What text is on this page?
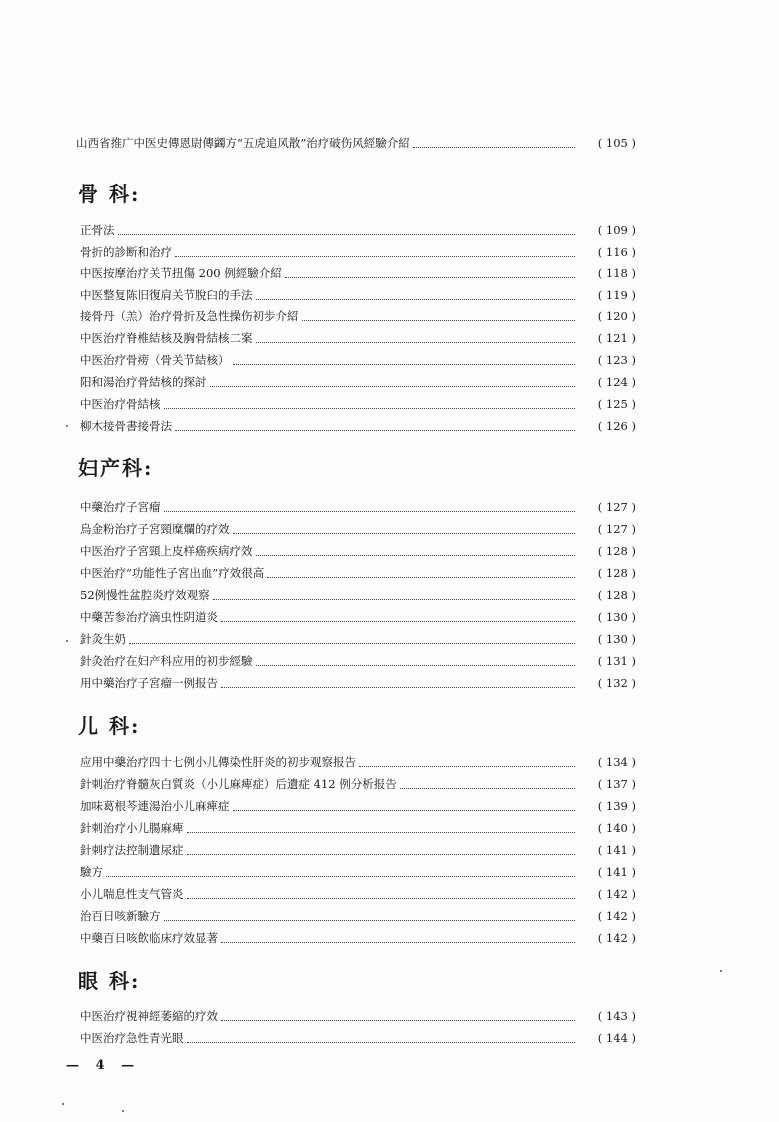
山西省推广中医史傳恩尉傳蠲方“五虎追风散”治疗破伤风經驗介紹	( 105 )
骨 科:
正骨法	( 109 )
骨折的診断和治疗	( 116 )
中医按摩治疗关节扭傷 200 例經驗介紹	( 118 )
中医整复陈旧復肩关节脫臼的手法	( 119 )
接骨丹（羔）治疗骨折及急性操伤初步介紹	( 120 )
中医治疗脊椎結核及胸骨結核二案	( 121 )
中医治疗骨痨（骨关节結核）	( 123 )
阳和湯治疗骨結核的探討	( 124 )
中医治疗骨結核	( 125 )
柳木接骨書接骨法	( 126 )
妇产科:
中藥治疗子宮瘤	( 127 )
烏金粉治疗子宮頸糜爛的疗效	( 127 )
中医治疗子宮頸上皮样癌疾病疗效	( 128 )
中医治疗“功能性子宮出血”疗效很高	( 128 )
52例慢性盆腔炎疗效观察	( 128 )
中藥苦参治疗滴虫性阴道炎	( 130 )
針灸生奶	( 130 )
針灸治疗在妇产科应用的初步經驗	( 131 )
用中藥治疗子宮瘤一例报告	( 132 )
儿 科:
应用中藥治疗四十七例小儿傳染性肝炎的初步观察报告	( 134 )
針刺治疗脊髓灰白質炎（小儿麻痺症）后遺症 412 例分析报告	( 137 )
加味葛根芩連湯治小儿麻痺症	( 139 )
針刺治疗小儿腸麻痺	( 140 )
針刺疗法控制遺尿症	( 141 )
驗方	( 141 )
小儿喘息性支气管炎	( 142 )
治百日咳新驗方	( 142 )
中藥百日咳飲临床疗效显著	( 142 )
眼 科:
中医治疗視神經萎縮的疗效	( 143 )
中医治疗急性青光眼	( 144 )
— 4 —
